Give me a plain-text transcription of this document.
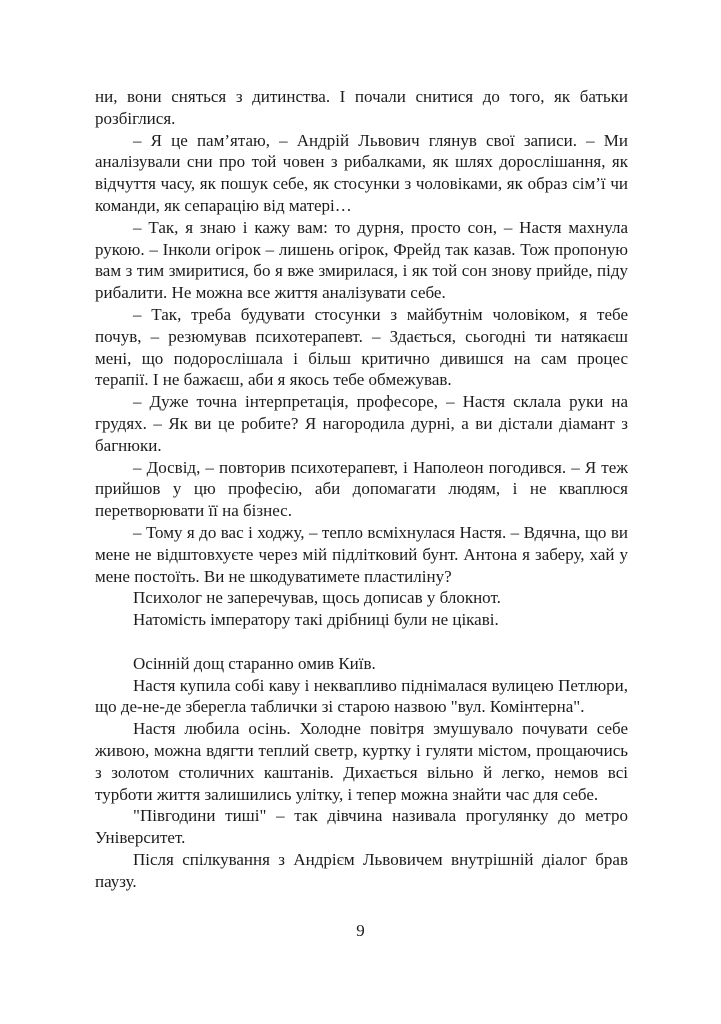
ни, вони сняться з дитинства. І почали снитися до того, як батьки розбіглися.

– Я це пам’ятаю, – Андрій Львович глянув свої записи. – Ми аналізували сни про той човен з рибалками, як шлях дорослішання, як відчуття часу, як пошук себе, як стосунки з чоловіками, як образ сім’ї чи команди, як сепарацію від матері…

– Так, я знаю і кажу вам: то дурня, просто сон, – Настя махнула рукою. – Інколи огірок – лишень огірок, Фрейд так казав. Тож пропоную вам з тим змиритися, бо я вже змирилася, і як той сон знову прийде, піду рибалити. Не можна все життя аналізувати себе.

– Так, треба будувати стосунки з майбутнім чоловіком, я тебе почув, – резюмував психотерапевт. – Здається, сьогодні ти натякаєш мені, що подорослішала і більш критично дивишся на сам процес терапії. І не бажаєш, аби я якось тебе обмежував.

– Дуже точна інтерпретація, професоре, – Настя склала руки на грудях. – Як ви це робите? Я нагородила дурні, а ви дістали діамант з багнюки.

– Досвід, – повторив психотерапевт, і Наполеон погодився. – Я теж прийшов у цю професію, аби допомагати людям, і не кваплюся перетворювати її на бізнес.

– Тому я до вас і ходжу, – тепло всміхнулася Настя. – Вдячна, що ви мене не відштовхуєте через мій підлітковий бунт. Антона я заберу, хай у мене постоїть. Ви не шкодуватимете пластиліну?

Психолог не заперечував, щось дописав у блокнот.

Натомість імператору такі дрібниці були не цікаві.

Осінній дощ старанно омив Київ.

Настя купила собі каву і неквапливо піднімалася вулицею Петлюри, що де-не-де зберегла таблички зі старою назвою "вул. Комінтерна".

Настя любила осінь. Холодне повітря змушувало почувати себе живою, можна вдягти теплий светр, куртку і гуляти містом, прощаючись з золотом столичних каштанів. Дихається вільно й легко, немов всі турботи життя залишились улітку, і тепер можна знайти час для себе.

"Півгодини тиші" – так дівчина називала прогулянку до метро Університет.

Після спілкування з Андрієм Львовичем внутрішній діалог брав паузу.

9
